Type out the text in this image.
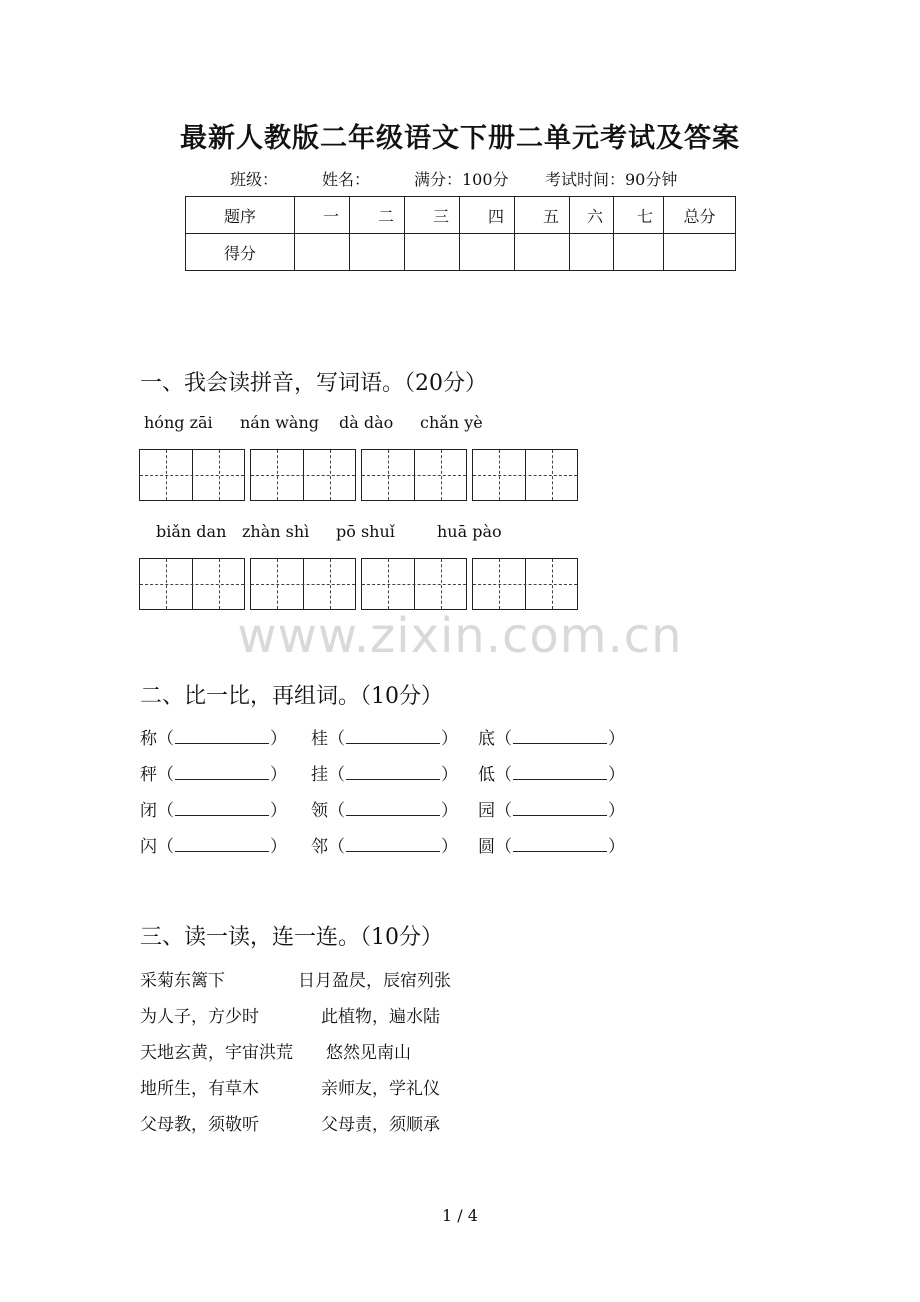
最新人教版二年级语文下册二单元考试及答案
班级：	姓名：	满分：100分 考试时间：90分钟
题序	一	二	三	四	五	六	七	总分
得分								
一、我会读拼音，写词语。（20分）
hóng zāi nán wàng dà dào chǎn yè
biǎn dan zhàn shì pō shuǐ	huā pào
www.zixin.com.cn
二、比一比，再组词。（10分）
称（	） 桂（	） 底（	）
秤（	） 挂（	） 低（	）
闭（	） 领（	） 园（	）
闪（	） 邻（	） 圆（	）
三、读一读，连一连。（10分）
采菊东篱下	日月盈昃，辰宿列张
为人子，方少时	此植物，遍水陆
天地玄黄，宇宙洪荒 悠然见南山
地所生，有草木	亲师友，学礼仪
父母教，须敬听	父母责，须顺承
1 / 4
